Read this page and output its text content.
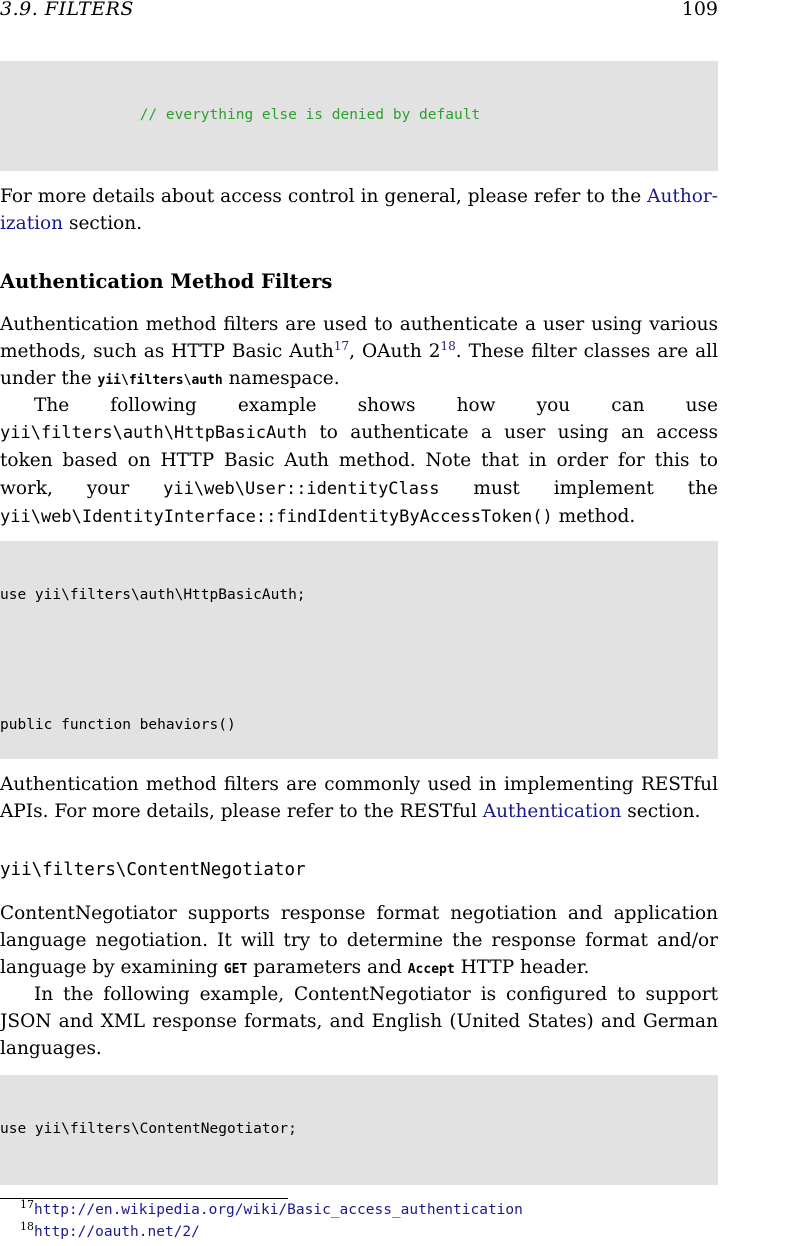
3.9. FILTERS	109

// everything else is denied by default

For more details about access control in general, please refer to the Author-ization section.
Authentication Method Filters
Authentication method filters are used to authenticate a user using various methods, such as HTTP Basic Auth$^{17}$, OAuth $2^{18}$. These filter classes are all under the yii\filters\auth namespace.
The following example shows how you can use yii\filters\auth\HttpBasicAuth to authenticate a user using an access token based on HTTP Basic Auth method. Note that in order for this to work, your yii\web\User::identityClass must implement the yii\web\IdentityInterface::findIdentityByAccessToken() method.

use yii\filters\auth\HttpBasicAuth;

public function behaviors()

Authentication method filters are commonly used in implementing RESTful APIs. For more details, please refer to the RESTful Authentication section.
yii\filters\ContentNegotiator
ContentNegotiator supports response format negotiation and application language negotiation. It will try to determine the response format and/or language by examining GET parameters and Accept HTTP header.
In the following example, ContentNegotiator is configured to support JSON and XML response formats, and English (United States) and German languages.

use yii\filters\ContentNegotiator;

$^{17}$http://en.wikipedia.org/wiki/Basic_access_authentication
$^{18}$http://oauth.net/2/
